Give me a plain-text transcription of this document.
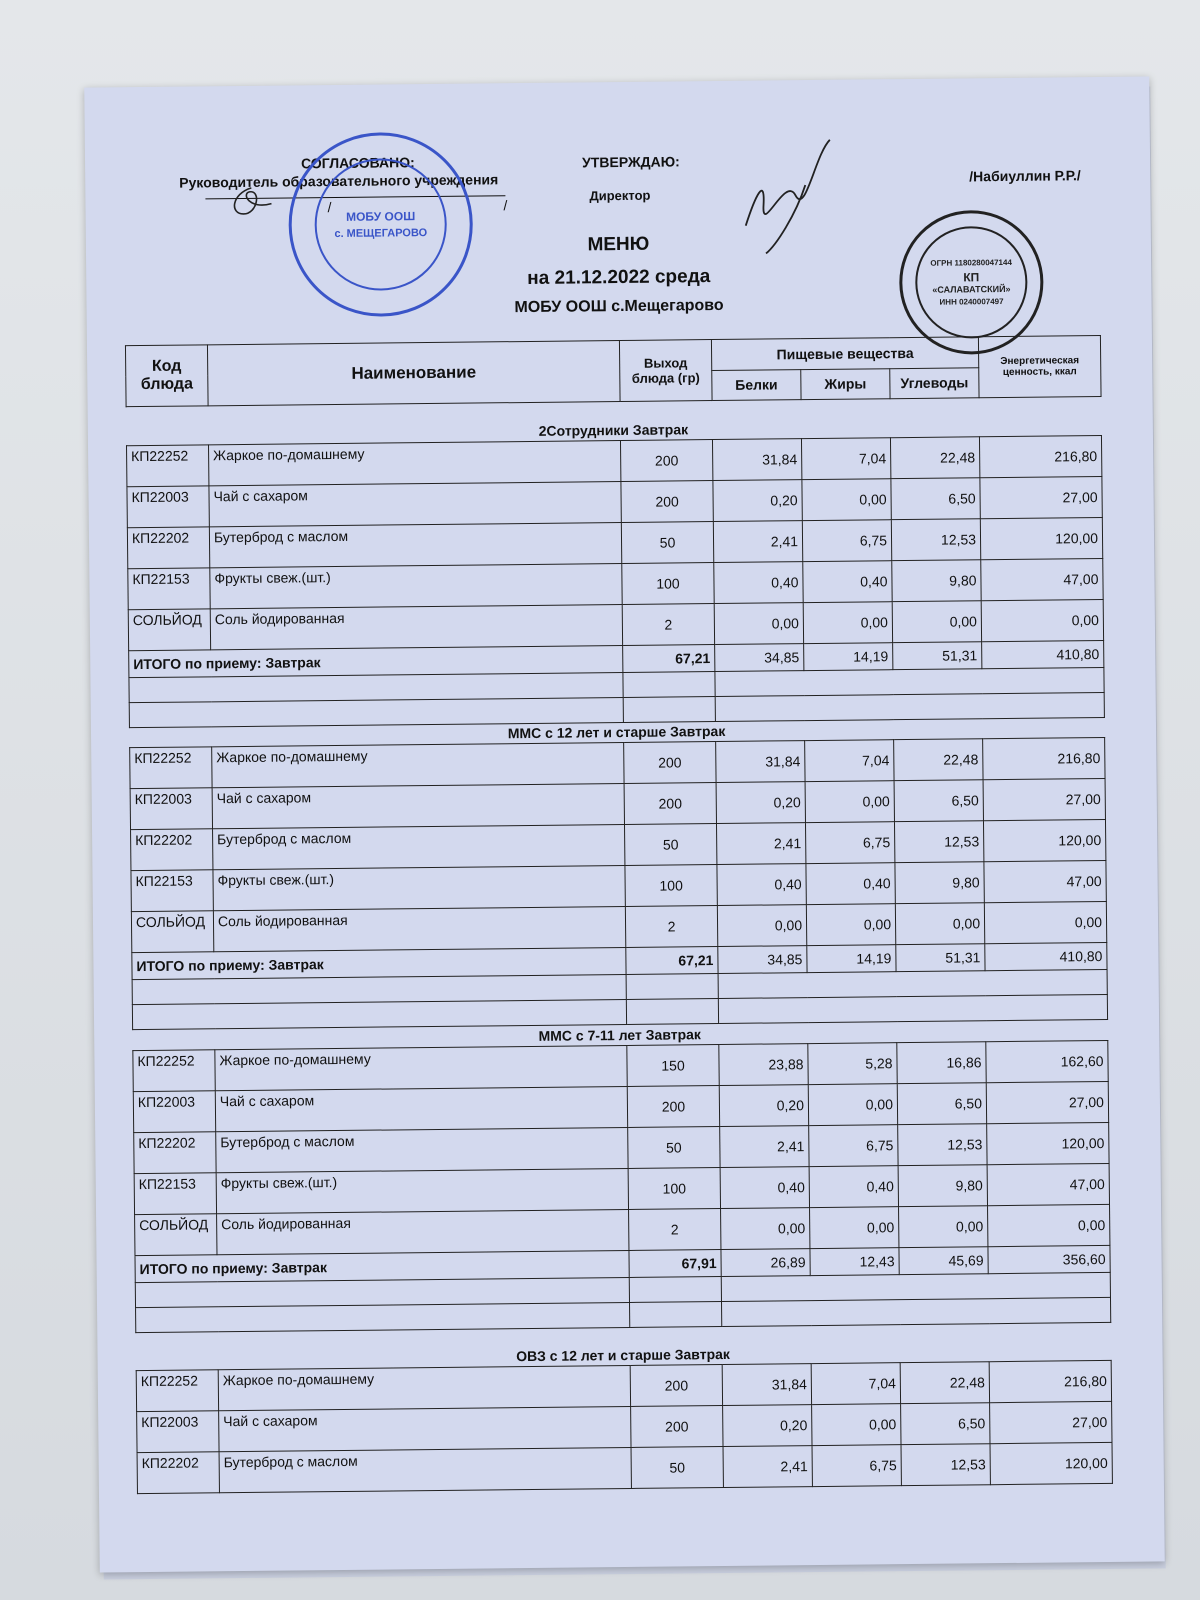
СОГЛАСОВАНО:
Руководитель образовательного учреждения
/	/
МОБУ ООШ
с. МЕЩЕГАРОВО
УТВЕРЖДАЮ:
Директор
/Набиуллин Р.Р./
ОГРН 1180280047144
КП
«САЛАВАТСКИЙ»
ИНН 0240007497
МЕНЮ
на 21.12.2022 среда
МОБУ ООШ с.Мещегарово
Код блюда	Наименование	Выход блюда (гр)	Пищевые вещества			Энергетическая ценность, ккал
			Белки	Жиры	Углеводы	
2Сотрудники Завтрак
КП22252	Жаркое по-домашнему	200	31,84	7,04	22,48	216,80
КП22003	Чай с сахаром	200	0,20	0,00	6,50	27,00
КП22202	Бутерброд с маслом	50	2,41	6,75	12,53	120,00
КП22153	Фрукты свеж.(шт.)	100	0,40	0,40	9,80	47,00
СОЛЬЙОД	Соль йодированная	2	0,00	0,00	0,00	0,00
ИТОГО по приему: Завтрак		67,21	34,85	14,19	51,31	410,80

ММС с 12 лет и старше Завтрак
КП22252	Жаркое по-домашнему	200	31,84	7,04	22,48	216,80
КП22003	Чай с сахаром	200	0,20	0,00	6,50	27,00
КП22202	Бутерброд с маслом	50	2,41	6,75	12,53	120,00
КП22153	Фрукты свеж.(шт.)	100	0,40	0,40	9,80	47,00
СОЛЬЙОД	Соль йодированная	2	0,00	0,00	0,00	0,00
ИТОГО по приему: Завтрак		67,21	34,85	14,19	51,31	410,80

ММС с 7-11 лет Завтрак
КП22252	Жаркое по-домашнему	150	23,88	5,28	16,86	162,60
КП22003	Чай с сахаром	200	0,20	0,00	6,50	27,00
КП22202	Бутерброд с маслом	50	2,41	6,75	12,53	120,00
КП22153	Фрукты свеж.(шт.)	100	0,40	0,40	9,80	47,00
СОЛЬЙОД	Соль йодированная	2	0,00	0,00	0,00	0,00
ИТОГО по приему: Завтрак		67,91	26,89	12,43	45,69	356,60

ОВЗ с 12 лет и старше Завтрак
КП22252	Жаркое по-домашнему	200	31,84	7,04	22,48	216,80
КП22003	Чай с сахаром	200	0,20	0,00	6,50	27,00
КП22202	Бутерброд с маслом	50	2,41	6,75	12,53	120,00
